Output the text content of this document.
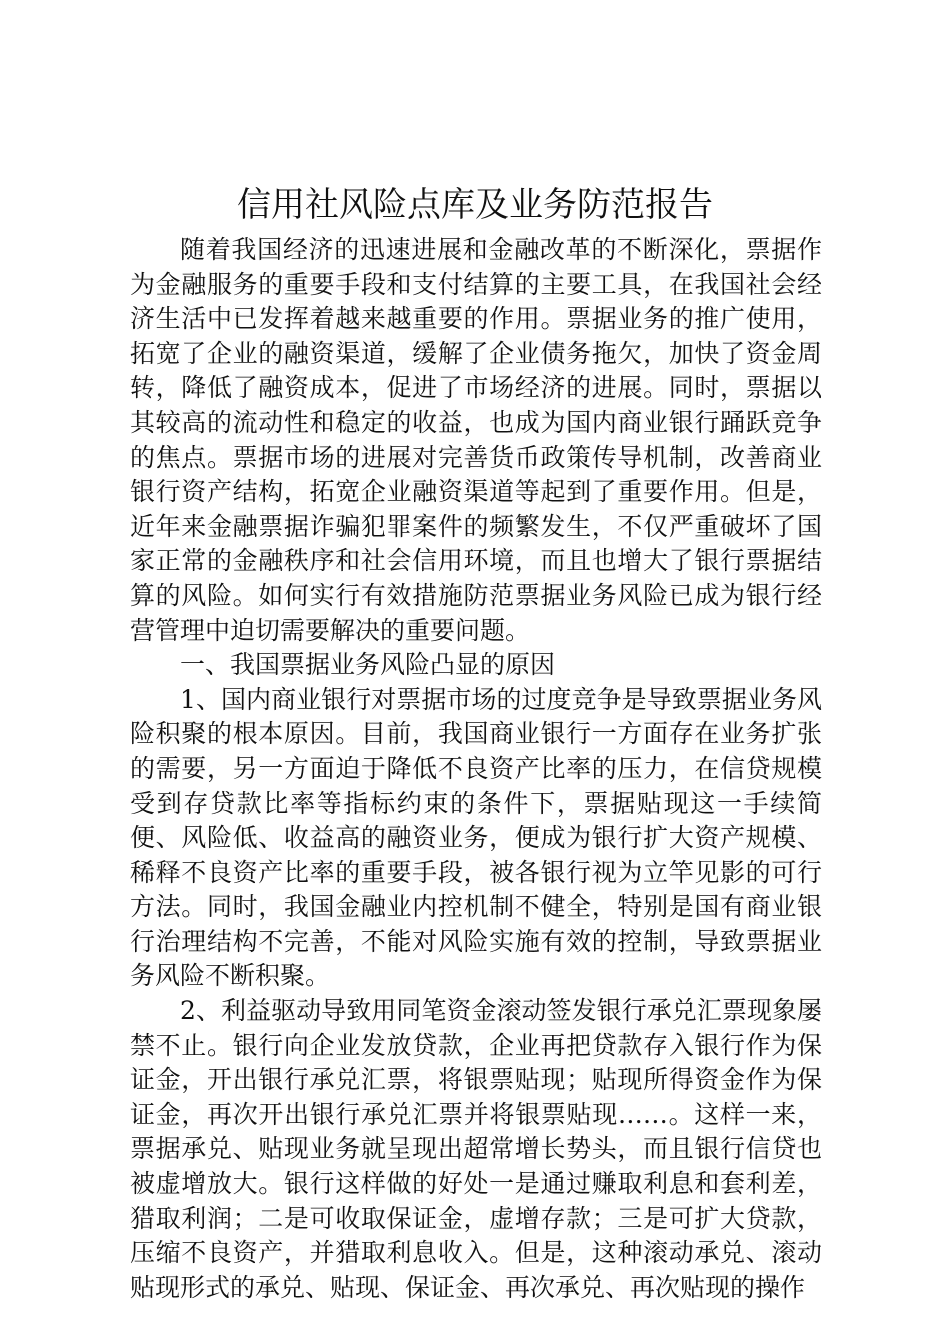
信用社风险点库及业务防范报告

随着我国经济的迅速进展和金融改革的不断深化，票据作为金融服务的重要手段和支付结算的主要工具，在我国社会经济生活中已发挥着越来越重要的作用。票据业务的推广使用，拓宽了企业的融资渠道，缓解了企业债务拖欠，加快了资金周转，降低了融资成本，促进了市场经济的进展。同时，票据以其较高的流动性和稳定的收益，也成为国内商业银行踊跃竞争的焦点。票据市场的进展对完善货币政策传导机制，改善商业银行资产结构，拓宽企业融资渠道等起到了重要作用。但是，近年来金融票据诈骗犯罪案件的频繁发生，不仅严重破坏了国家正常的金融秩序和社会信用环境，而且也增大了银行票据结算的风险。如何实行有效措施防范票据业务风险已成为银行经营管理中迫切需要解决的重要问题。

一、我国票据业务风险凸显的原因

1、国内商业银行对票据市场的过度竞争是导致票据业务风险积聚的根本原因。目前，我国商业银行一方面存在业务扩张的需要，另一方面迫于降低不良资产比率的压力，在信贷规模受到存贷款比率等指标约束的条件下，票据贴现这一手续简便、风险低、收益高的融资业务，便成为银行扩大资产规模、稀释不良资产比率的重要手段，被各银行视为立竿见影的可行方法。同时，我国金融业内控机制不健全，特别是国有商业银行治理结构不完善，不能对风险实施有效的控制，导致票据业务风险不断积聚。

2、利益驱动导致用同笔资金滚动签发银行承兑汇票现象屡禁不止。银行向企业发放贷款，企业再把贷款存入银行作为保证金，开出银行承兑汇票，将银票贴现；贴现所得资金作为保证金，再次开出银行承兑汇票并将银票贴现……。这样一来，票据承兑、贴现业务就呈现出超常增长势头，而且银行信贷也被虚增放大。银行这样做的好处一是通过赚取利息和套利差，猎取利润；二是可收取保证金，虚增存款；三是可扩大贷款，压缩不良资产，并猎取利息收入。但是，这种滚动承兑、滚动贴现形式的承兑、贴现、保证金、再次承兑、再次贴现的操作
